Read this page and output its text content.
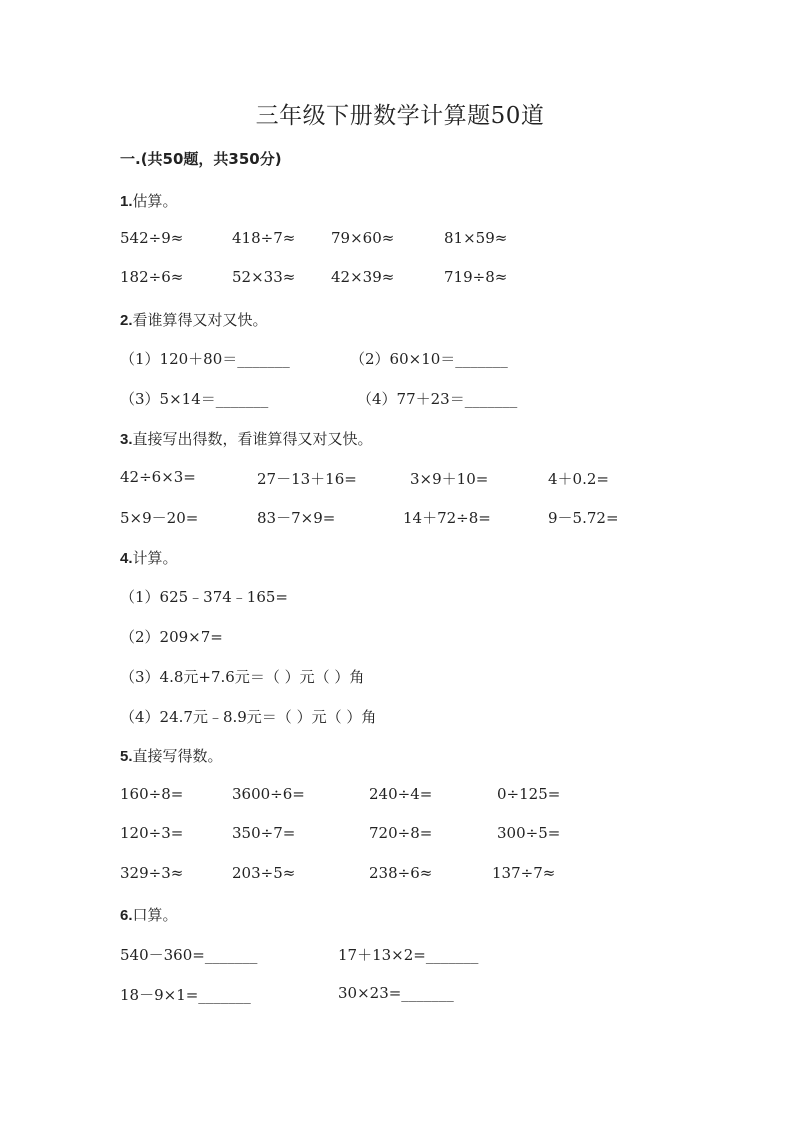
三年级下册数学计算题50道
一.(共50题，共350分)
1.估算。
542÷9≈	418÷7≈ 79×60≈	81×59≈
182÷6≈	52×33≈ 42×39≈	719÷8≈
2.看谁算得又对又快。
（1）120＋80＝_______	（2）60×10＝_______
（3）5×14＝_______	（4）77＋23＝_______
3.直接写出得数，看谁算得又对又快。
42÷6×3=	27－13＋16=	3×9＋10=	4＋0.2=
5×9－20=	83－7×9=	14＋72÷8=	9－5.72=
4.计算。
（1）625﹣374﹣165=
（2）209×7=
（3）4.8元+7.6元＝（ ）元（ ）角
（4）24.7元﹣8.9元＝（ ）元（ ）角
5.直接写得数。
160÷8=	3600÷6=	240÷4=	0÷125=
120÷3=	350÷7=	720÷8=	300÷5=
329÷3≈	203÷5≈	238÷6≈	137÷7≈
6.口算。
540－360=_______	17＋13×2=_______
18－9×1=_______	30×23=_______
